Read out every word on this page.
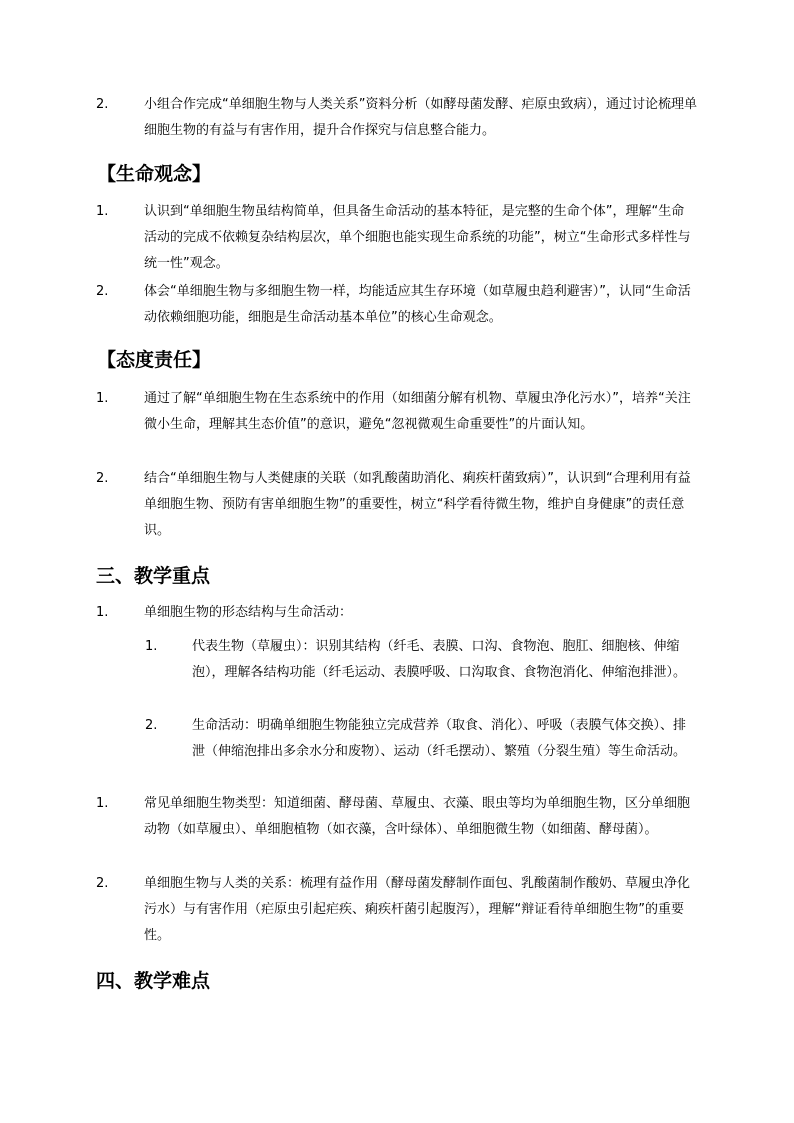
2.	小组合作完成“单细胞生物与人类关系”资料分析（如酵母菌发酵、疟原虫致病），通过讨论梳理单细胞生物的有益与有害作用，提升合作探究与信息整合能力。
【生命观念】
1.	认识到“单细胞生物虽结构简单，但具备生命活动的基本特征，是完整的生命个体”，理解“生命活动的完成不依赖复杂结构层次，单个细胞也能实现生命系统的功能”，树立“生命形式多样性与统一性”观念。
2.	体会“单细胞生物与多细胞生物一样，均能适应其生存环境（如草履虫趋利避害）”，认同“生命活动依赖细胞功能，细胞是生命活动基本单位”的核心生命观念。
【态度责任】
1.	通过了解“单细胞生物在生态系统中的作用（如细菌分解有机物、草履虫净化污水）”，培养“关注微小生命，理解其生态价值”的意识，避免“忽视微观生命重要性”的片面认知。
2.	结合“单细胞生物与人类健康的关联（如乳酸菌助消化、痢疾杆菌致病）”，认识到“合理利用有益单细胞生物、预防有害单细胞生物”的重要性，树立“科学看待微生物，维护自身健康”的责任意识。
三、教学重点
1.	单细胞生物的形态结构与生命活动：
1.	代表生物（草履虫）：识别其结构（纤毛、表膜、口沟、食物泡、胞肛、细胞核、伸缩泡），理解各结构功能（纤毛运动、表膜呼吸、口沟取食、食物泡消化、伸缩泡排泄）。
2.	生命活动：明确单细胞生物能独立完成营养（取食、消化）、呼吸（表膜气体交换）、排泄（伸缩泡排出多余水分和废物）、运动（纤毛摆动）、繁殖（分裂生殖）等生命活动。
1.	常见单细胞生物类型：知道细菌、酵母菌、草履虫、衣藻、眼虫等均为单细胞生物，区分单细胞动物（如草履虫）、单细胞植物（如衣藻，含叶绿体）、单细胞微生物（如细菌、酵母菌）。
2.	单细胞生物与人类的关系：梳理有益作用（酵母菌发酵制作面包、乳酸菌制作酸奶、草履虫净化污水）与有害作用（疟原虫引起疟疾、痢疾杆菌引起腹泻），理解“辩证看待单细胞生物”的重要性。
四、教学难点
